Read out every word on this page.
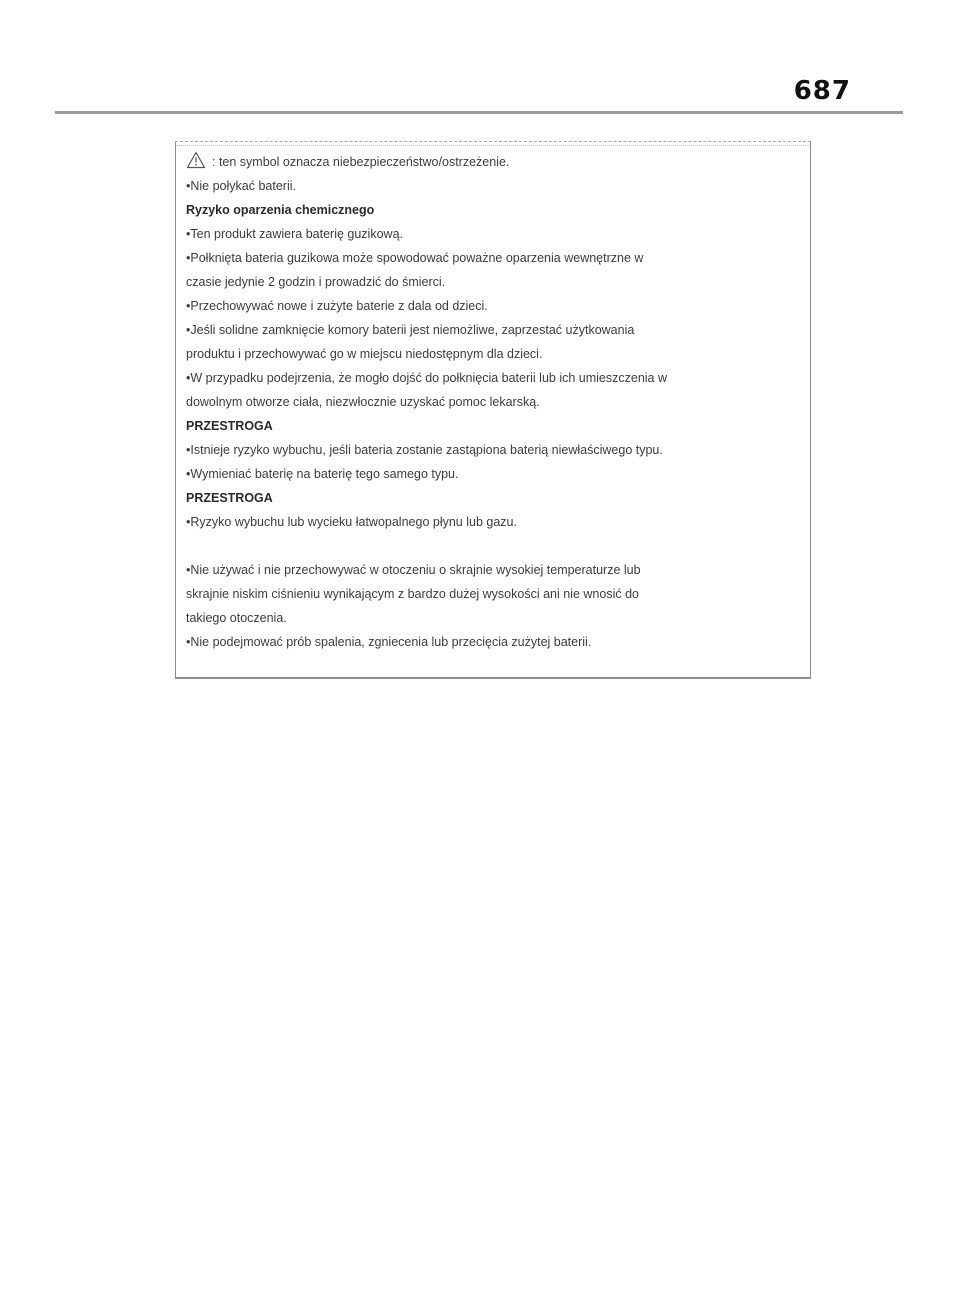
687
: ten symbol oznacza niebezpieczeństwo/ostrzeżenie.
•Nie połykać baterii.
Ryzyko oparzenia chemicznego
•Ten produkt zawiera baterię guzikową.
•Połknięta bateria guzikowa może spowodować poważne oparzenia wewnętrzne w
czasie jedynie 2 godzin i prowadzić do śmierci.
•Przechowywać nowe i zużyte baterie z dala od dzieci.
•Jeśli solidne zamknięcie komory baterii jest niemożliwe, zaprzestać użytkowania
produktu i przechowywać go w miejscu niedostępnym dla dzieci.
•W przypadku podejrzenia, że mogło dojść do połknięcia baterii lub ich umieszczenia w
dowolnym otworze ciała, niezwłocznie uzyskać pomoc lekarską.
PRZESTROGA
•Istnieje ryzyko wybuchu, jeśli bateria zostanie zastąpiona baterią niewłaściwego typu.
•Wymieniać baterię na baterię tego samego typu.
PRZESTROGA
•Ryzyko wybuchu lub wycieku łatwopalnego płynu lub gazu.
•Nie używać i nie przechowywać w otoczeniu o skrajnie wysokiej temperaturze lub
skrajnie niskim ciśnieniu wynikającym z bardzo dużej wysokości ani nie wnosić do
takiego otoczenia.
•Nie podejmować prób spalenia, zgniecenia lub przecięcia zużytej baterii.
